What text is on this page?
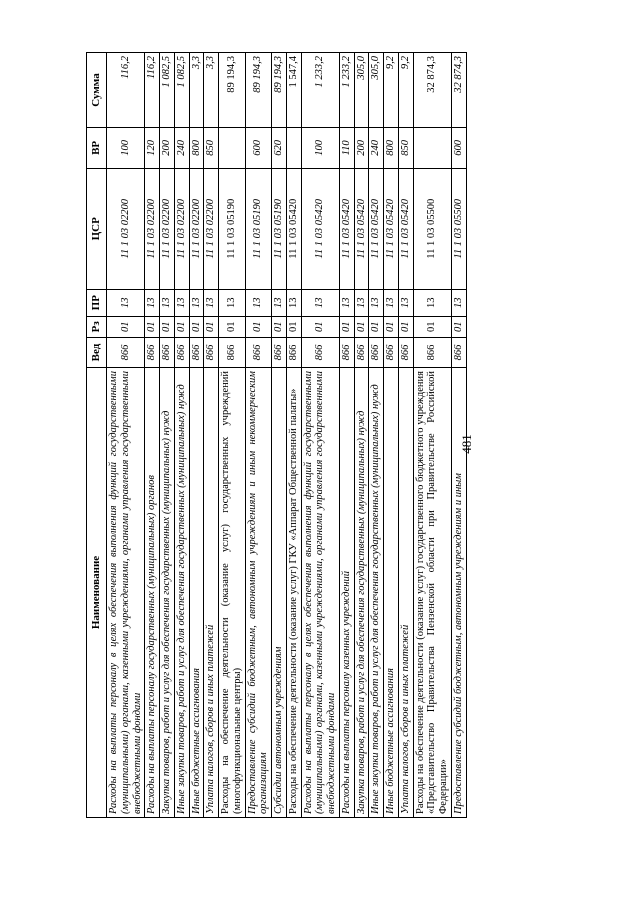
481
Наименование	Вед	Рз	ПР	ЦСР	ВР	Сумма
Расходы на выплаты персоналу в целях обеспечения выполнения функций государственными (муниципальными) органами, казенными учреждениями, органами управления государственными внебюджетными фондами	866	01	13	11 1 03 02200	100	116,2
Расходы на выплаты персоналу государственных (муниципальных) органов	866	01	13	11 1 03 02200	120	116,2
Закупка товаров, работ и услуг для обеспечения государственных (муниципальных) нужд	866	01	13	11 1 03 02200	200	1 082,5
Иные закупки товаров, работ и услуг для обеспечения государственных (муниципальных) нужд	866	01	13	11 1 03 02200	240	1 082,5
Иные бюджетные ассигнования	866	01	13	11 1 03 02200	800	3,3
Уплата налогов, сборов и иных платежей	866	01	13	11 1 03 02200	850	3,3
Расходы на обеспечение деятельности (оказание услуг) государственных учреждений (многофункциональные центры)	866	01	13	11 1 03 05190		89 194,3
Предоставление субсидий бюджетным, автономным учреждениям и иным некоммерческим организациям	866	01	13	11 1 03 05190	600	89 194,3
Субсидии автономным учреждениям	866	01	13	11 1 03 05190	620	89 194,3
Расходы на обеспечение деятельности (оказание услуг) ГКУ «Аппарат Общественной палаты»	866	01	13	11 1 03 05420		1 547,4
Расходы на выплаты персоналу в целях обеспечения выполнения функций государственными (муниципальными) органами, казенными учреждениями, органами управления государственными внебюджетными фондами	866	01	13	11 1 03 05420	100	1 233,2
Расходы на выплаты персоналу казенных учреждений	866	01	13	11 1 03 05420	110	1 233,2
Закупка товаров, работ и услуг для обеспечения государственных (муниципальных) нужд	866	01	13	11 1 03 05420	200	305,0
Иные закупки товаров, работ и услуг для обеспечения государственных (муниципальных) нужд	866	01	13	11 1 03 05420	240	305,0
Иные бюджетные ассигнования	866	01	13	11 1 03 05420	800	9,2
Уплата налогов, сборов и иных платежей	866	01	13	11 1 03 05420	850	9,2
Расходы на обеспечение деятельности (оказание услуг) государственного бюджетного учреждения «Представительство Правительства Пензенской области при Правительстве Российской Федерации»	866	01	13	11 1 03 05500		32 874,3
Предоставление субсидий бюджетным, автономным учреждениям и иным	866	01	13	11 1 03 05500	600	32 874,3
